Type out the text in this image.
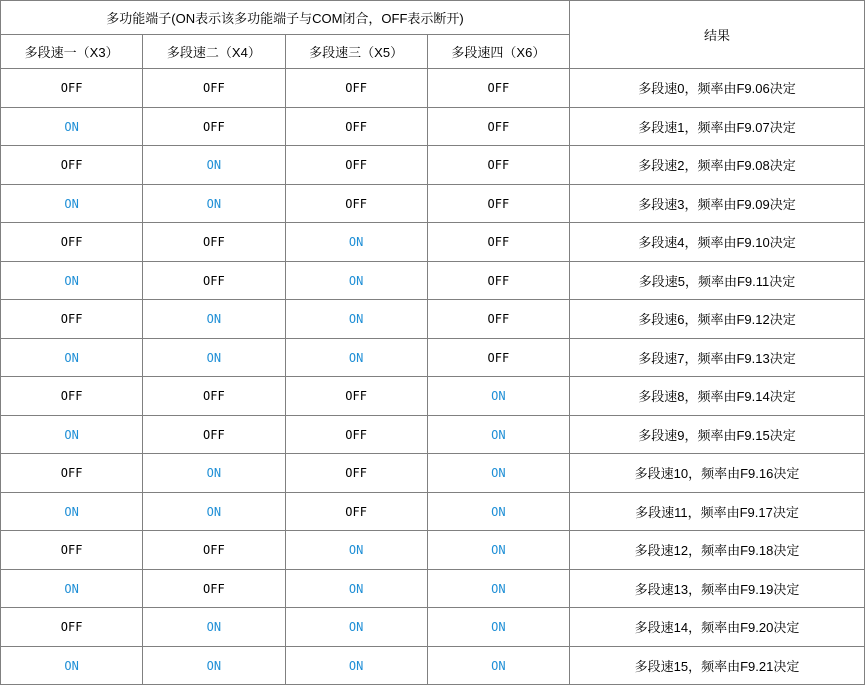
多功能端子(ON表示该多功能端子与COM闭合，OFF表示断开)				结果
多段速一（X3）	多段速二（X4）	多段速三（X5）	多段速四（X6）	
OFF	OFF	OFF	OFF	多段速0，频率由F9.06决定
ON	OFF	OFF	OFF	多段速1，频率由F9.07决定
OFF	ON	OFF	OFF	多段速2，频率由F9.08决定
ON	ON	OFF	OFF	多段速3，频率由F9.09决定
OFF	OFF	ON	OFF	多段速4，频率由F9.10决定
ON	OFF	ON	OFF	多段速5，频率由F9.11决定
OFF	ON	ON	OFF	多段速6，频率由F9.12决定
ON	ON	ON	OFF	多段速7，频率由F9.13决定
OFF	OFF	OFF	ON	多段速8，频率由F9.14决定
ON	OFF	OFF	ON	多段速9，频率由F9.15决定
OFF	ON	OFF	ON	多段速10，频率由F9.16决定
ON	ON	OFF	ON	多段速11，频率由F9.17决定
OFF	OFF	ON	ON	多段速12，频率由F9.18决定
ON	OFF	ON	ON	多段速13，频率由F9.19决定
OFF	ON	ON	ON	多段速14，频率由F9.20决定
ON	ON	ON	ON	多段速15，频率由F9.21决定
